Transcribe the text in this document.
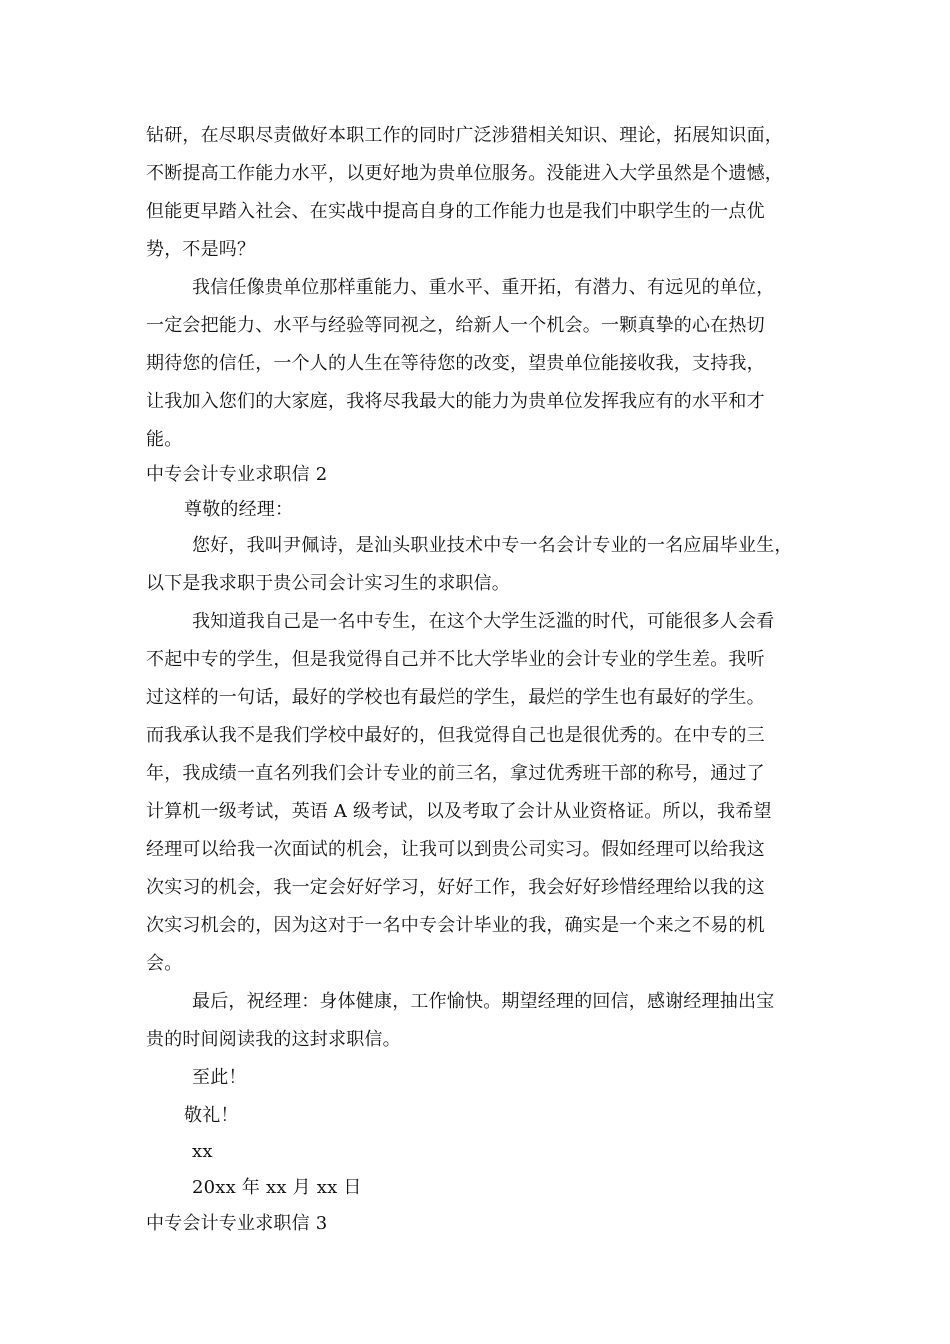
钻研，在尽职尽责做好本职工作的同时广泛涉猎相关知识、理论，拓展知识面，
不断提高工作能力水平，以更好地为贵单位服务。没能进入大学虽然是个遗憾，
但能更早踏入社会、在实战中提高自身的工作能力也是我们中职学生的一点优
势，不是吗？
我信任像贵单位那样重能力、重水平、重开拓，有潜力、有远见的单位，
一定会把能力、水平与经验等同视之，给新人一个机会。一颗真挚的心在热切
期待您的信任，一个人的人生在等待您的改变，望贵单位能接收我，支持我，
让我加入您们的大家庭，我将尽我最大的能力为贵单位发挥我应有的水平和才
能。
中专会计专业求职信 2
尊敬的经理：
您好，我叫尹佩诗，是汕头职业技术中专一名会计专业的一名应届毕业生，
以下是我求职于贵公司会计实习生的求职信。
我知道我自己是一名中专生，在这个大学生泛滥的时代，可能很多人会看
不起中专的学生，但是我觉得自己并不比大学毕业的会计专业的学生差。我听
过这样的一句话，最好的学校也有最烂的学生，最烂的学生也有最好的学生。
而我承认我不是我们学校中最好的，但我觉得自己也是很优秀的。在中专的三
年，我成绩一直名列我们会计专业的前三名，拿过优秀班干部的称号，通过了
计算机一级考试，英语 A 级考试，以及考取了会计从业资格证。所以，我希望
经理可以给我一次面试的机会，让我可以到贵公司实习。假如经理可以给我这
次实习的机会，我一定会好好学习，好好工作，我会好好珍惜经理给以我的这
次实习机会的，因为这对于一名中专会计毕业的我，确实是一个来之不易的机
会。
最后，祝经理：身体健康，工作愉快。期望经理的回信，感谢经理抽出宝
贵的时间阅读我的这封求职信。
至此！
敬礼！
xx
20xx 年 xx 月 xx 日
中专会计专业求职信 3
